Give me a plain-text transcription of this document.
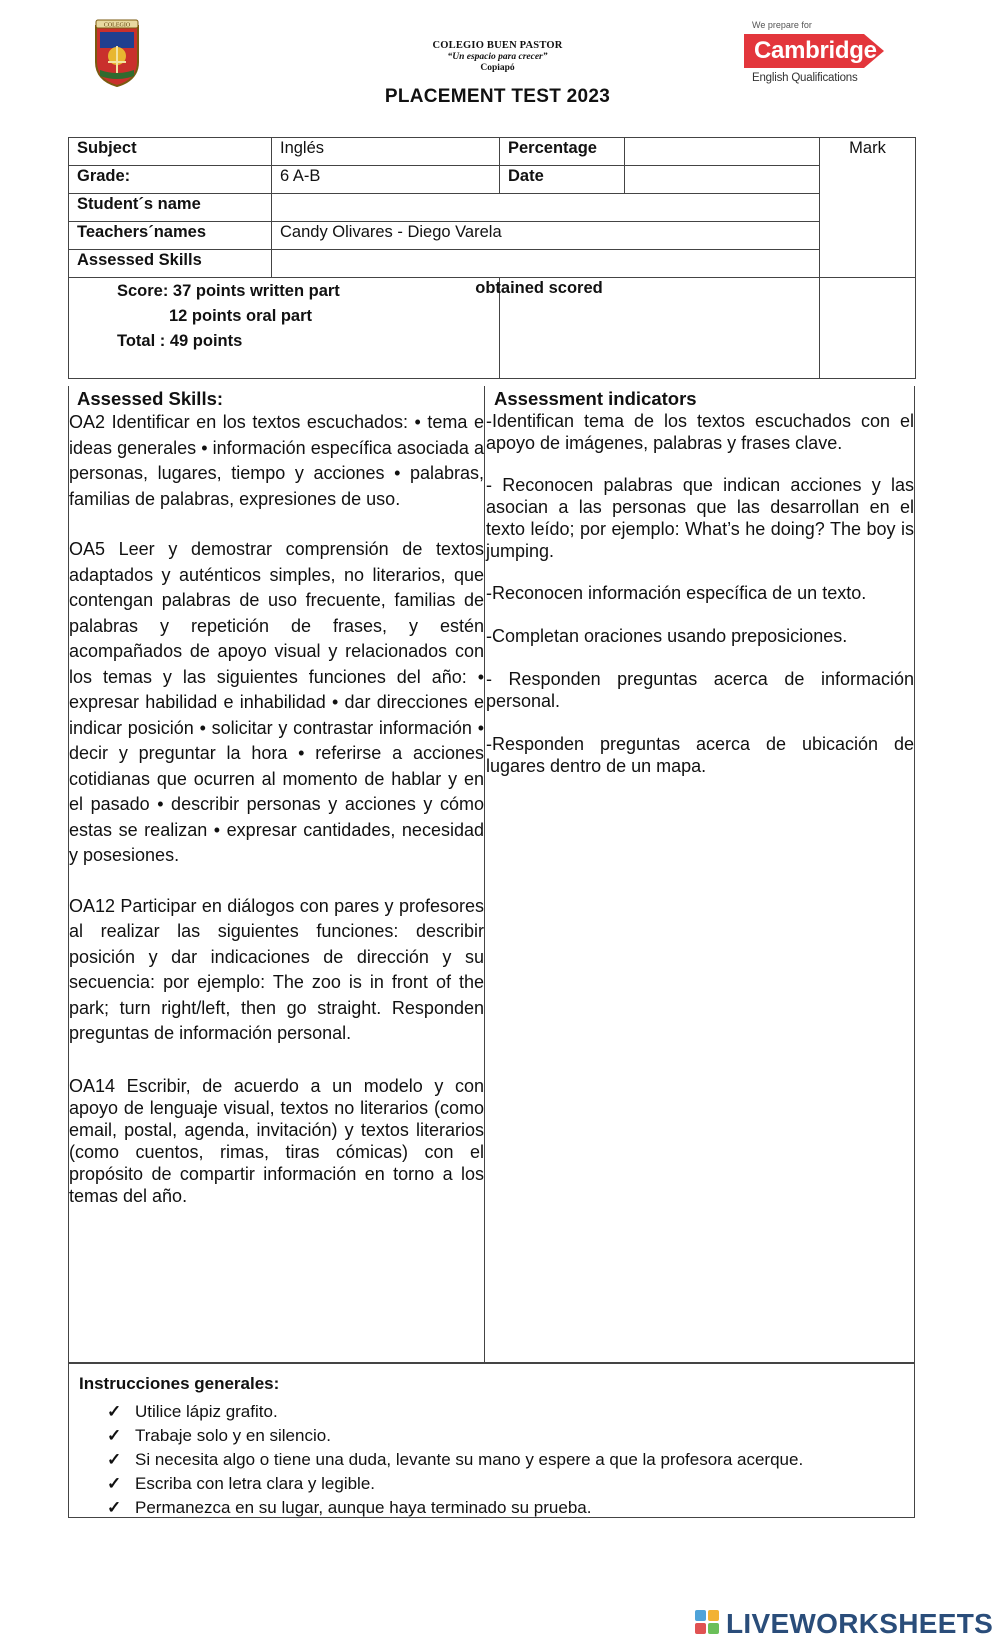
COLEGIO
COLEGIO BUEN PASTOR
“Un espacio para crecer”
Copiapó
PLACEMENT TEST 2023
We prepare for
Cambridge
English Qualifications
Subject	Inglés	Percentage		Mark
Grade:	6 A-B	Date		
Student´s name				
Teachers´names	Candy Olivares - Diego Varela			
Assessed Skills				

Score: 37 points written part
12 points oral part
Total : 49 points		obtained scored		

Assessed Skills:

OA2 Identificar en los textos escuchados: • tema e ideas generales • información específica asociada a personas, lugares, tiempo y acciones • palabras, familias de palabras, expresiones de uso.

OA5 Leer y demostrar comprensión de textos adaptados y auténticos simples, no literarios, que contengan palabras de uso frecuente, familias de palabras y repetición de frases, y estén acompañados de apoyo visual y relacionados con los temas y las siguientes funciones del año: • expresar habilidad e inhabilidad • dar direcciones e indicar posición • solicitar y contrastar información • decir y preguntar la hora • referirse a acciones cotidianas que ocurren al momento de hablar y en el pasado • describir personas y acciones y cómo estas se realizan • expresar cantidades, necesidad y posesiones.

OA12 Participar en diálogos con pares y profesores al realizar las siguientes funciones: describir posición y dar indicaciones de dirección y su secuencia: por ejemplo: The zoo is in front of the park; turn right/left, then go straight. Responden preguntas de información personal.

OA14 Escribir, de acuerdo a un modelo y con apoyo de lenguaje visual, textos no literarios (como email, postal, agenda, invitación) y textos literarios (como cuentos, rimas, tiras cómicas) con el propósito de compartir información en torno a los temas del año.

Assessment indicators

-Identifican tema de los textos escuchados con el apoyo de imágenes, palabras y frases clave.

- Reconocen palabras que indican acciones y las asocian a las personas que las desarrollan en el texto leído; por ejemplo: What’s he doing? The boy is jumping.

-Reconocen información específica de un texto.

-Completan oraciones usando preposiciones.

- Responden preguntas acerca de información personal.

-Responden preguntas acerca de ubicación de lugares dentro de un mapa.

Instrucciones generales:
✓ Utilice lápiz grafito.
✓ Trabaje solo y en silencio.
✓ Si necesita algo o tiene una duda, levante su mano y espere a que la profesora acerque.
✓ Escriba con letra clara y legible.
✓ Permanezca en su lugar, aunque haya terminado su prueba.
LIVEWORKSHEETS
